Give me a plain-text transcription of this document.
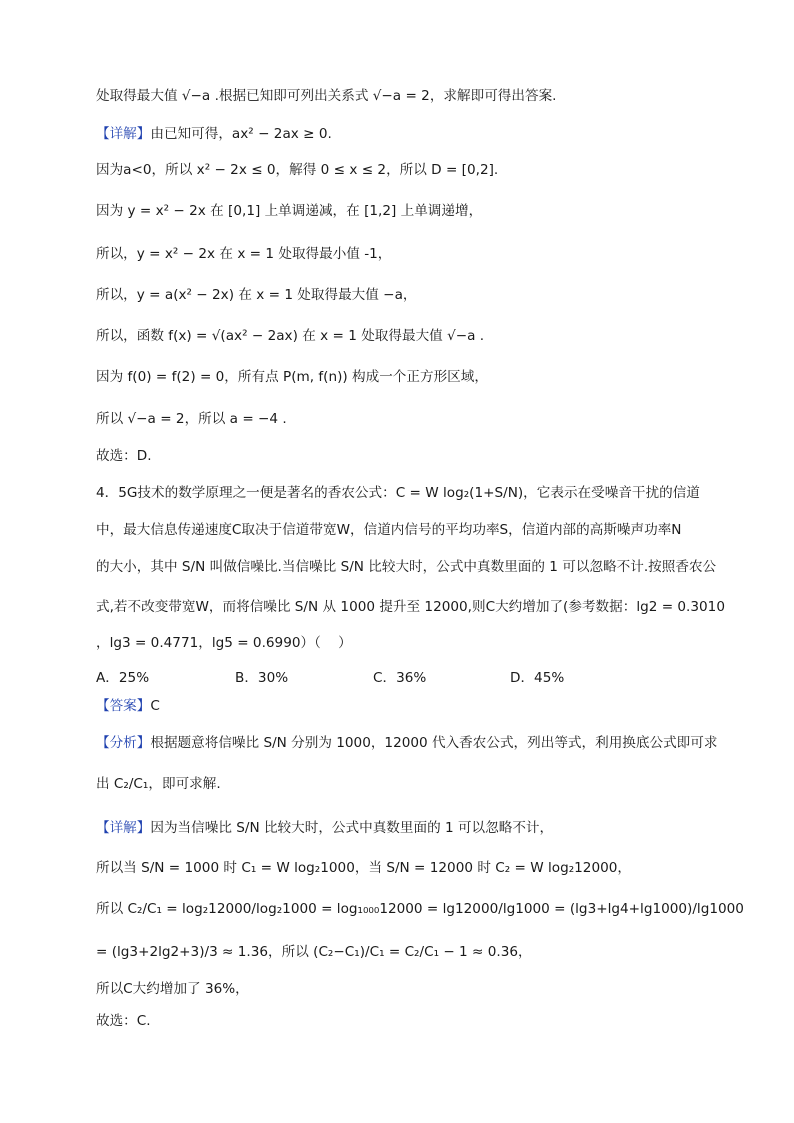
处取得最大值 √−a .根据已知即可列出关系式 √−a = 2，求解即可得出答案.
【详解】由已知可得，ax² − 2ax ≥ 0.
因为a<0，所以 x² − 2x ≤ 0，解得 0 ≤ x ≤ 2，所以 D = [0,2].
因为 y = x² − 2x 在 [0,1] 上单调递减，在 [1,2] 上单调递增，
所以，y = x² − 2x 在 x = 1 处取得最小值 -1，
所以，y = a(x² − 2x) 在 x = 1 处取得最大值 −a，
所以，函数 f(x) = √(ax² − 2ax) 在 x = 1 处取得最大值 √−a .
因为 f(0) = f(2) = 0，所有点 P(m, f(n)) 构成一个正方形区域，
所以 √−a = 2，所以 a = −4 .
故选：D.
4．5G技术的数学原理之一便是著名的香农公式：C = W log₂(1+S/N)，它表示在受噪音干扰的信道
中，最大信息传递速度C取决于信道带宽W，信道内信号的平均功率S，信道内部的高斯噪声功率N
的大小，其中 S/N 叫做信噪比.当信噪比 S/N 比较大时，公式中真数里面的 1 可以忽略不计.按照香农公
式,若不改变带宽W，而将信噪比 S/N 从 1000 提升至 12000,则C大约增加了(参考数据：lg2 = 0.3010
，lg3 = 0.4771，lg5 = 0.6990）（    ）
A．25%	B．30%	C．36%	D．45%
【答案】C
【分析】根据题意将信噪比 S/N 分别为 1000，12000 代入香农公式，列出等式，利用换底公式即可求
出 C₂/C₁，即可求解.
【详解】因为当信噪比 S/N 比较大时，公式中真数里面的 1 可以忽略不计，
所以当 S/N = 1000 时 C₁ = W log₂1000，当 S/N = 12000 时 C₂ = W log₂12000，
所以 C₂/C₁ = log₂12000/log₂1000 = log₁₀₀₀12000 = lg12000/lg1000 = (lg3+lg4+lg1000)/lg1000
= (lg3+2lg2+3)/3 ≈ 1.36，所以 (C₂−C₁)/C₁ = C₂/C₁ − 1 ≈ 0.36，
所以C大约增加了 36%，
故选：C.
